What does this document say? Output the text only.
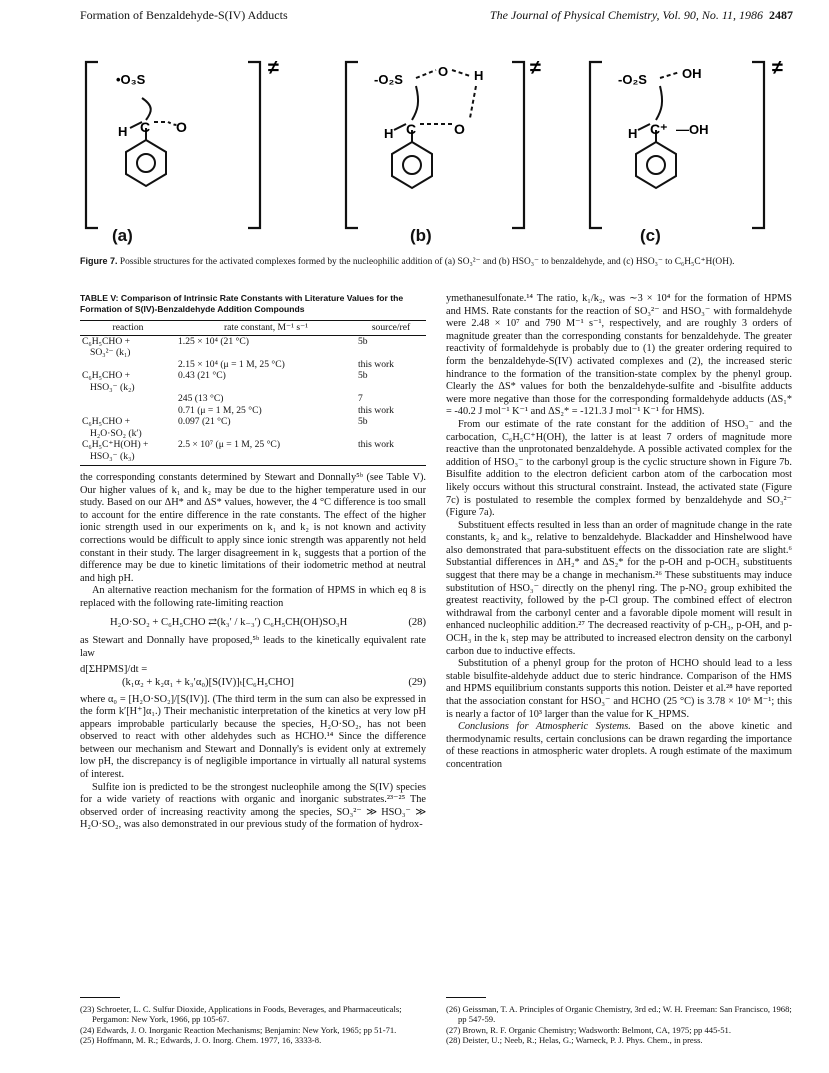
Formation of Benzaldehyde-S(IV) Adducts	The Journal of Physical Chemistry, Vol. 90, No. 11, 1986 2487
•O₃S
C
H	O
≠
-O₂S
O H
C
H	O
≠
-O₂S	OH
C⁺ —OH
H
≠
(a)	(b)	(c)
Figure 7. Possible structures for the activated complexes formed by the nucleophilic addition of (a) SO₃²⁻ and (b) HSO₃⁻ to benzaldehyde, and (c) HSO₃⁻ to C₆H₅C⁺H(OH).
TABLE V: Comparison of Intrinsic Rate Constants with Literature Values for the Formation of S(IV)-Benzaldehyde Addition Compounds
reaction	rate constant, M⁻¹ s⁻¹	source/ref
C₆H₅CHO +	1.25 × 10⁴ (21 °C)	5b
SO₃²⁻ (k₁)		
	2.15 × 10⁴ (μ = 1 M, 25 °C)	this work
C₆H₅CHO +	0.43 (21 °C)	5b
HSO₃⁻ (k₂)		
	245 (13 °C)	7
	0.71 (μ = 1 M, 25 °C)	this work
C₆H₅CHO +	0.097 (21 °C)	5b
H₂O·SO₂ (k′)		
C₆H₅C⁺H(OH) +	2.5 × 10⁷ (μ = 1 M, 25 °C)	this work
HSO₃⁻ (k₃)		

the corresponding constants determined by Stewart and Donnally⁵ᵇ (see Table V). Our higher values of k₁ and k₂ may be due to the higher temperature used in our study. Based on our ΔH* and ΔS* values, however, the 4 °C difference is too small to account for the entire difference in the rate constants. The effect of the higher ionic strength used in our experiments on k₁ and k₂ is not known and activity corrections would be difficult to apply since ionic strength was apparently not held constant in their study. The larger disagreement in k₁ suggests that a portion of the difference may be due to kinetic limitations of their iodometric method at neutral and high pH.

An alternative reaction mechanism for the formation of HPMS in which eq 8 is replaced with the following rate-limiting reaction

H₂O·SO₂ + C₆H₅CHO ⇄(k₃′ / k₋₃′) C₆H₅CH(OH)SO₃H	(28)

as Stewart and Donnally have proposed,⁵ᵇ leads to the kinetically equivalent rate law

d[ΣHPMS]/dt =
(k₁α₂ + k₂α₁ + k₃′α₀)[S(IV)]ₜ[C₆H₅CHO]	(29)

where α₀ = [H₂O·SO₂]/[S(IV)]. (The third term in the sum can also be expressed in the form k′[H⁺]α₁.) Their mechanistic interpretation of the kinetics at very low pH appears improbable particularly because the species, H₂O·SO₂, has not been observed to react with other aldehydes such as HCHO.¹⁴ Since the difference between our mechanism and Stewart and Donnally's is evident only at extremely low pH, the discrepancy is of negligible importance in virtually all natural systems of interest.

Sulfite ion is predicted to be the strongest nucleophile among the S(IV) species for a wide variety of reactions with organic and inorganic substrates.²³⁻²⁵ The observed order of increasing reactivity among the species, SO₃²⁻ ≫ HSO₃⁻ ≫ H₂O·SO₂, was also demonstrated in our previous study of the formation of hydrox-

ymethanesulfonate.¹⁴ The ratio, k₁/k₂, was ∼3 × 10⁴ for the formation of HPMS and HMS. Rate constants for the reaction of SO₃²⁻ and HSO₃⁻ with formaldehyde were 2.48 × 10⁷ and 790 M⁻¹ s⁻¹, respectively, and are roughly 3 orders of magnitude greater than the corresponding constants for benzaldehyde. The greater reactivity of formaldehyde is probably due to (1) the greater ordering required to form the benzaldehyde-S(IV) activated complexes and (2), the increased steric hindrance to the formation of the transition-state complex by the phenyl group. Clearly the ΔS* values for both the benzaldehyde-sulfite and -bisulfite adducts were more negative than those for the corresponding formaldehyde adducts (ΔS₁* = -40.2 J mol⁻¹ K⁻¹ and ΔS₂* = -121.3 J mol⁻¹ K⁻¹ for HMS).

From our estimate of the rate constant for the addition of HSO₃⁻ and the carbocation, C₆H₅C⁺H(OH), the latter is at least 7 orders of magnitude more reactive than the unprotonated benzaldehyde. A possible activated complex for the addition of HSO₃⁻ to the carbonyl group is the cyclic structure shown in Figure 7b. Bisulfite addition to the electron deficient carbon atom of the carbocation most likely occurs without this structural constraint. Instead, the activated state (Figure 7c) is postulated to resemble the complex formed by benzaldehyde and SO₃²⁻ (Figure 7a).

Substituent effects resulted in less than an order of magnitude change in the rate constants, k₂ and k₃, relative to benzaldehyde. Blackadder and Hinshelwood have also demonstrated that para-substituent effects on the dissociation rate are slight.⁶ Substantial differences in ΔH₂* and ΔS₂* for the p-OH and p-OCH₃ substituents suggest that there may be a change in mechanism.²⁶ These substituents may induce substitution of HSO₃⁻ directly on the phenyl ring. The p-NO₂ group exhibited the greatest reactivity, followed by the p-Cl group. The combined effect of electron withdrawal from the carbonyl center and a favorable dipole moment will result in enhanced nucleophilic addition.²⁷ The decreased reactivity of p-CH₃, p-OH, and p-OCH₃ in the k₁ step may be attributed to increased electron density on the carbonyl carbon due to inductive effects.

Substitution of a phenyl group for the proton of HCHO should lead to a less stable bisulfite-aldehyde adduct due to steric hindrance. Comparison of the HMS and HPMS equilibrium constants supports this notion. Deister et al.²⁸ have reported that the association constant for HSO₃⁻ and HCHO (25 °C) is 3.78 × 10⁶ M⁻¹; this is nearly a factor of 10³ larger than the value for K_HPMS.

Conclusions for Atmospheric Systems. Based on the above kinetic and thermodynamic results, certain conclusions can be drawn regarding the importance of these reactions in atmospheric water droplets. A rough estimate of the maximum concentration

(23) Schroeter, L. C. Sulfur Dioxide, Applications in Foods, Beverages, and Pharmaceuticals; Pergamon: New York, 1966, pp 105-67.

(24) Edwards, J. O. Inorganic Reaction Mechanisms; Benjamin: New York, 1965; pp 51-71.

(25) Hoffmann, M. R.; Edwards, J. O. Inorg. Chem. 1977, 16, 3333-8.

(26) Geissman, T. A. Principles of Organic Chemistry, 3rd ed.; W. H. Freeman: San Francisco, 1968; pp 547-59.

(27) Brown, R. F. Organic Chemistry; Wadsworth: Belmont, CA, 1975; pp 445-51.

(28) Deister, U.; Neeb, R.; Helas, G.; Warneck, P. J. Phys. Chem., in press.
